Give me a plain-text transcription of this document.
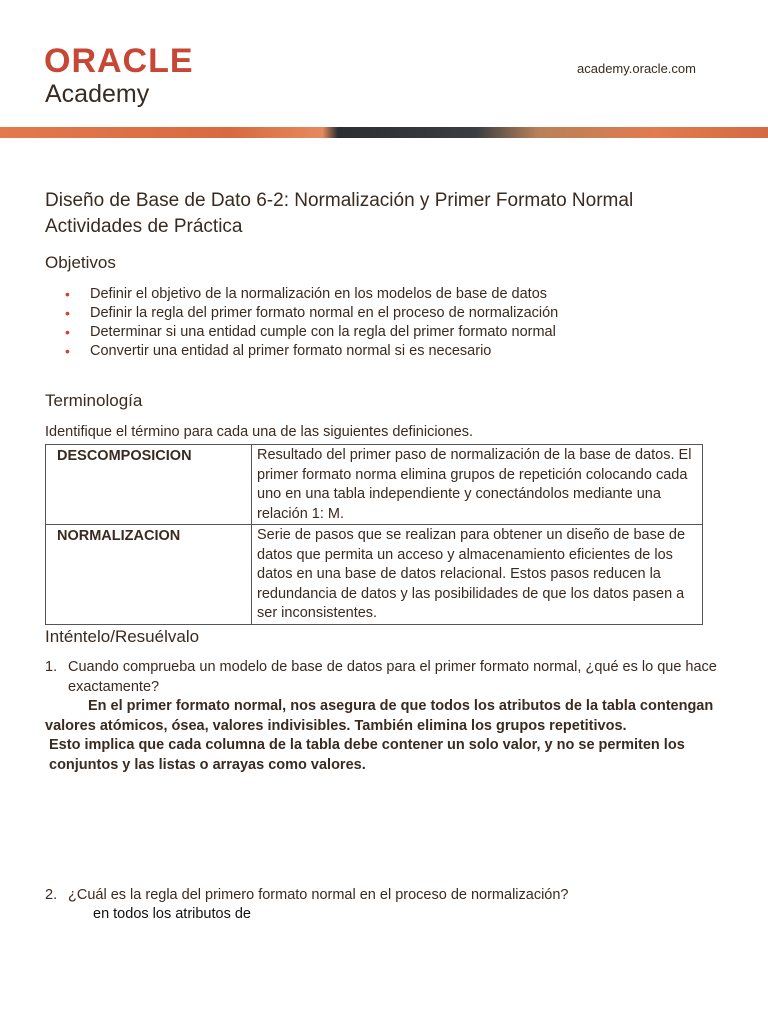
ORACLE
Academy
academy.oracle.com
Diseño de Base de Dato 6-2: Normalización y Primer Formato Normal
Actividades de Práctica
Objetivos
• Definir el objetivo de la normalización en los modelos de base de datos
• Definir la regla del primer formato normal en el proceso de normalización
• Determinar si una entidad cumple con la regla del primer formato normal
• Convertir una entidad al primer formato normal si es necesario
Terminología
Identifique el término para cada una de las siguientes definiciones.
DESCOMPOSICION	Resultado del primer paso de normalización de la base de datos. El primer formato norma elimina grupos de repetición colocando cada uno en una tabla independiente y conectándolos mediante una relación 1: M.
NORMALIZACION	Serie de pasos que se realizan para obtener un diseño de base de datos que permita un acceso y almacenamiento eficientes de los datos en una base de datos relacional. Estos pasos reducen la redundancia de datos y las posibilidades de que los datos pasen a ser inconsistentes.
Inténtelo/Resuélvalo
1. Cuando comprueba un modelo de base de datos para el primer formato normal, ¿qué es lo que hace exactamente?
En el primer formato normal, nos asegura de que todos los atributos de la tabla contengan valores atómicos, ósea, valores indivisibles. También elimina los grupos repetitivos.
Esto implica que cada columna de la tabla debe contener un solo valor, y no se permiten los conjuntos y las listas o arrayas como valores.
2. ¿Cuál es la regla del primero formato normal en el proceso de normalización?
en todos los atributos de
